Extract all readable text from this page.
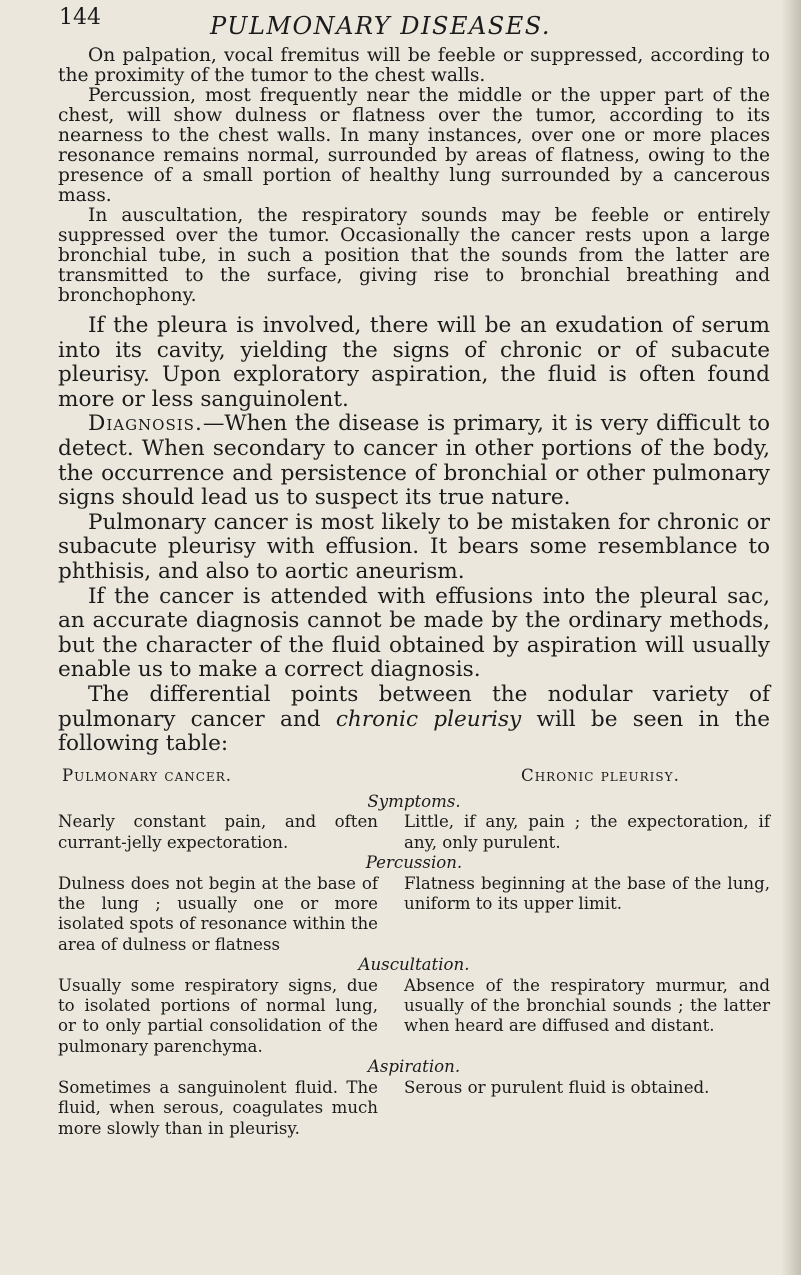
144	PULMONARY DISEASES.

On palpation, vocal fremitus will be feeble or suppressed, according to the proximity of the tumor to the chest walls.

Percussion, most frequently near the middle or the upper part of the chest, will show dulness or flatness over the tumor, according to its nearness to the chest walls. In many instances, over one or more places resonance remains normal, surrounded by areas of flatness, owing to the presence of a small portion of healthy lung surrounded by a cancerous mass.

In auscultation, the respiratory sounds may be feeble or entirely suppressed over the tumor. Occasionally the cancer rests upon a large bronchial tube, in such a position that the sounds from the latter are transmitted to the surface, giving rise to bronchial breathing and bronchophony.

If the pleura is involved, there will be an exudation of serum into its cavity, yielding the signs of chronic or of subacute pleurisy. Upon exploratory aspiration, the fluid is often found more or less sanguinolent.

Diagnosis.—When the disease is primary, it is very difficult to detect. When secondary to cancer in other portions of the body, the occurrence and persistence of bronchial or other pulmonary signs should lead us to suspect its true nature.

Pulmonary cancer is most likely to be mistaken for chronic or subacute pleurisy with effusion. It bears some resemblance to phthisis, and also to aortic aneurism.

If the cancer is attended with effusions into the pleural sac, an accurate diagnosis cannot be made by the ordinary methods, but the character of the fluid obtained by aspiration will usually enable us to make a correct diagnosis.

The differential points between the nodular variety of pulmonary cancer and chronic pleurisy will be seen in the following table:

Pulmonary cancer.	Chronic pleurisy.

Symptoms.

Nearly constant pain, and often currant-jelly expectoration.
Little, if any, pain ; the expectoration, if any, only purulent.

Percussion.

Dulness does not begin at the base of the lung ; usually one or more isolated spots of resonance within the area of dulness or flatness
Flatness beginning at the base of the lung, uniform to its upper limit.

Auscultation.

Usually some respiratory signs, due to isolated portions of normal lung, or to only partial consolidation of the pulmonary parenchyma.
Absence of the respiratory murmur, and usually of the bronchial sounds ; the latter when heard are diffused and distant.

Aspiration.

Sometimes a sanguinolent fluid. The fluid, when serous, coagulates much more slowly than in pleurisy.
Serous or purulent fluid is obtained.
